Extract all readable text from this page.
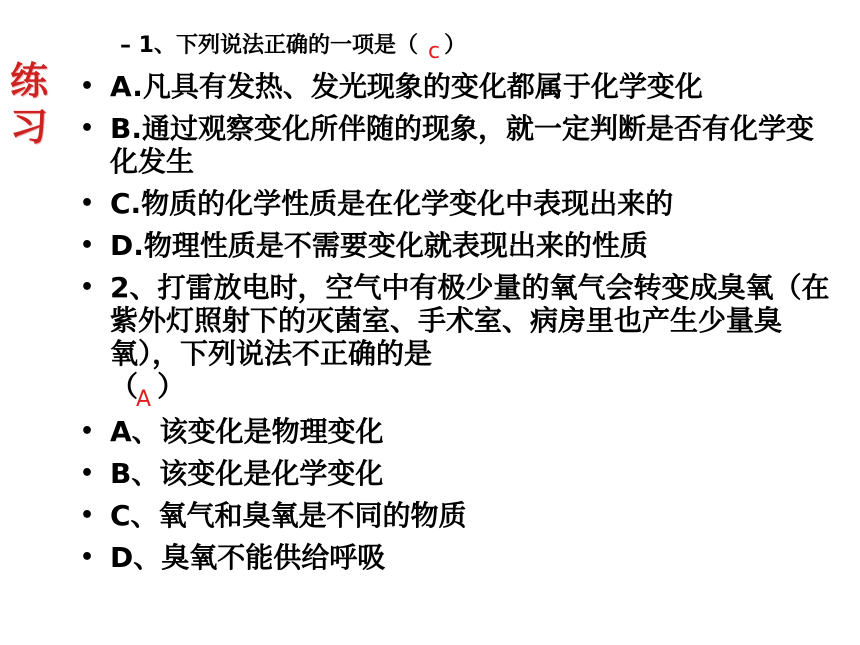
练
习
– 1、下列说法正确的一项是（ c ）
• A.凡具有发热、发光现象的变化都属于化学变化
• B.通过观察变化所伴随的现象，就一定判断是否有化学变化发生
• C.物质的化学性质是在化学变化中表现出来的
• D.物理性质是不需要变化就表现出来的性质
• 2、打雷放电时，空气中有极少量的氧气会转变成臭氧（在紫外灯照射下的灭菌室、手术室、病房里也产生少量臭氧），下列说法不正确的是
（$_A$ ）
• A、该变化是物理变化
• B、该变化是化学变化
• C、氧气和臭氧是不同的物质
• D、臭氧不能供给呼吸
